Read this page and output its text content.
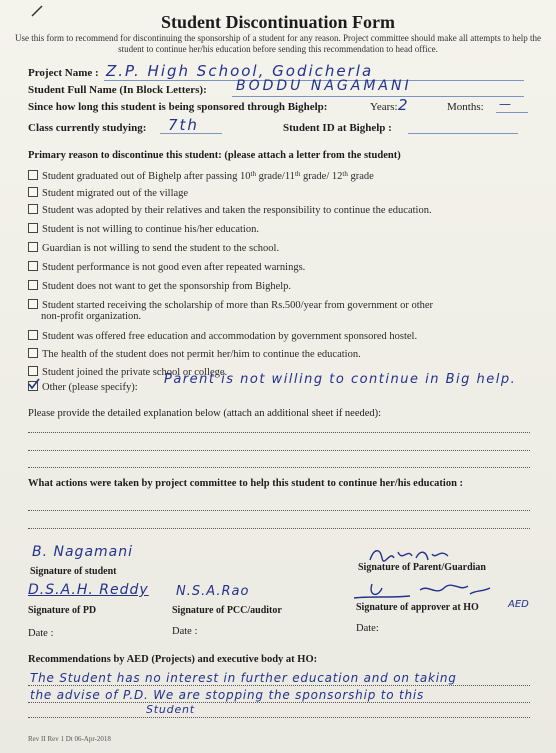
Student Discontinuation Form
Use this form to recommend for discontinuing the sponsorship of a student for any reason. Project committee should make all attempts to help the student to continue her/his education before sending this recommendation to head office.
Project Name : Z.P. High School, Godicherla
Student Full Name (In Block Letters): BODDU NAGAMANI
Since how long this student is being sponsored through Bighelp:	Years: 2	Months: —
Class currently studying: 7th	Student ID at Bighelp :
Primary reason to discontinue this student: (please attach a letter from the student)
Student graduated out of Bighelp after passing 10th grade/11th grade/ 12th grade
Student migrated out of the village
Student was adopted by their relatives and taken the responsibility to continue the education.
Student is not willing to continue his/her education.
Guardian is not willing to send the student to the school.
Student performance is not good even after repeated warnings.
Student does not want to get the sponsorship from Bighelp.
Student started receiving the scholarship of more than Rs.500/year from government or other
non-profit organization.
Student was offered free education and accommodation by government sponsored hostel.
The health of the student does not permit her/him to continue the education.
Student joined the private school or college.
Other (please specify):
Parent is not willing to continue in Big help.
Please provide the detailed explanation below (attach an additional sheet if needed):
What actions were taken by project committee to help this student to continue her/his education :
B. Nagamani
Signature of student	Signature of Parent/Guardian
D.S.A.H. Reddy
Signature of PD
N.S.A.Rao
Signature of PCC/auditor	Signature of approver at HO	AED
Date :	Date :	Date:
Recommendations by AED (Projects) and executive body at HO:
The Student has no interest in further education and on taking
the advise of P.D. We are stopping the sponsorship to this
Student
Rev II Rev 1 Dt 06-Apr-2018
